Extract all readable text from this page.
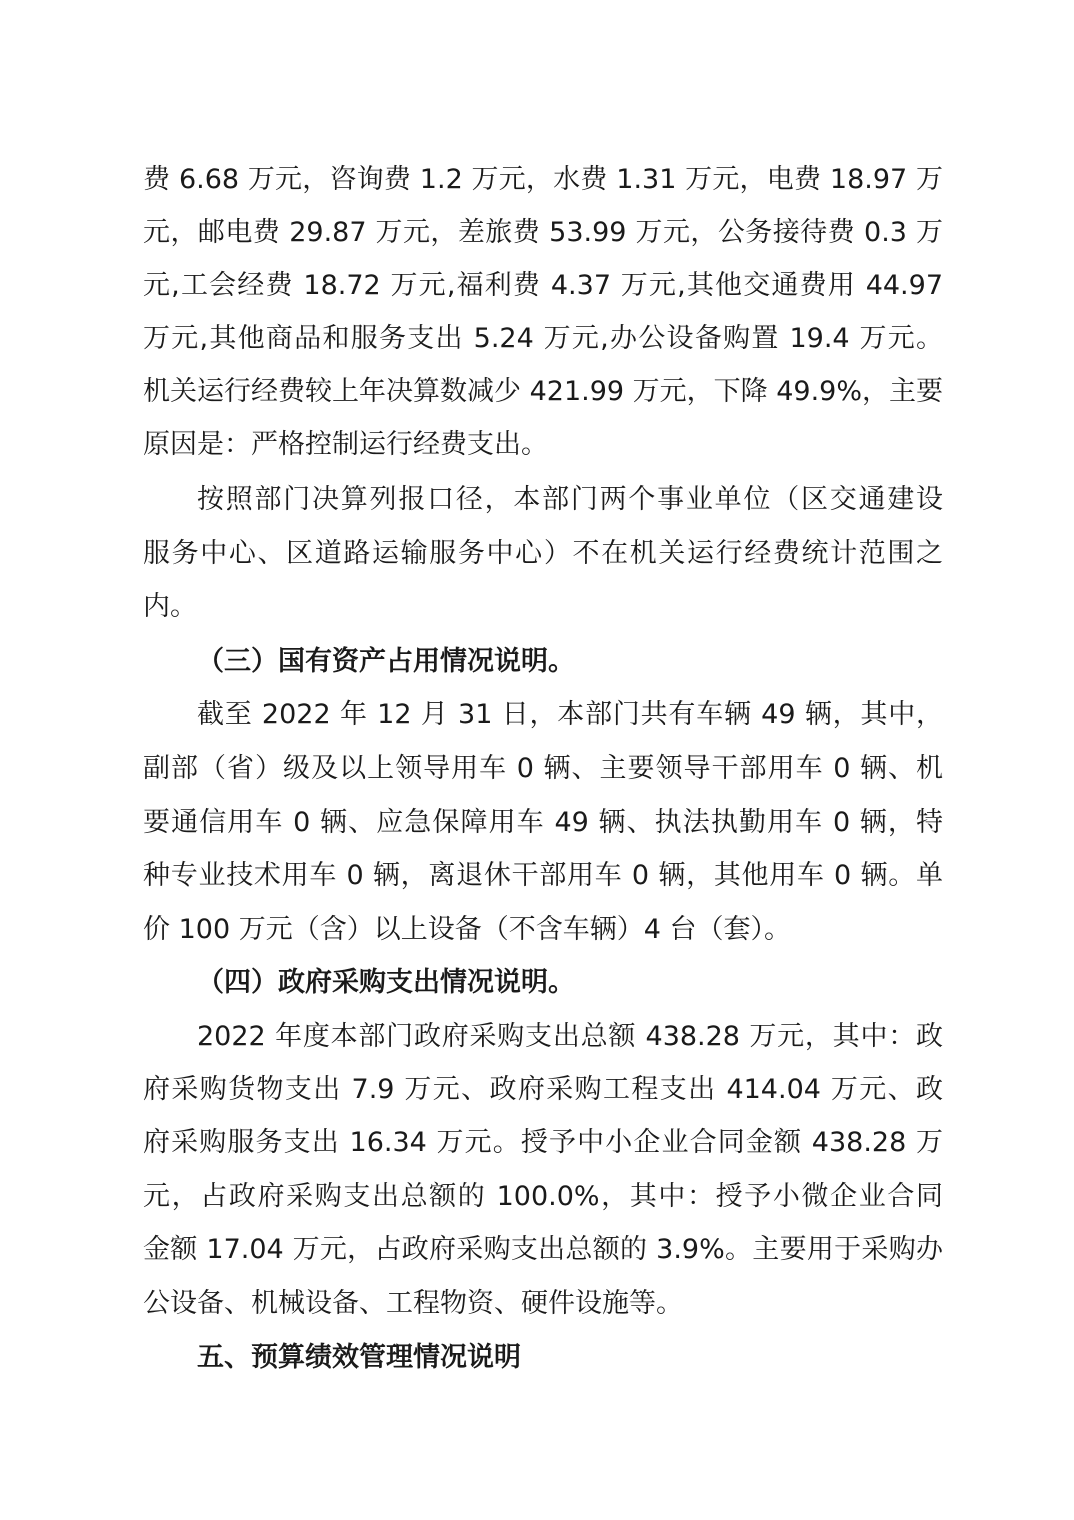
费 6.68 万元，咨询费 1.2 万元，水费 1.31 万元，电费 18.97 万
元，邮电费 29.87 万元，差旅费 53.99 万元，公务接待费 0.3 万
元,工会经费 18.72 万元,福利费 4.37 万元,其他交通费用 44.97
万元,其他商品和服务支出 5.24 万元,办公设备购置 19.4 万元。
机关运行经费较上年决算数减少 421.99 万元，下降 49.9%，主要
原因是：严格控制运行经费支出。
按照部门决算列报口径，本部门两个事业单位（区交通建设
服务中心、区道路运输服务中心）不在机关运行经费统计范围之
内。
（三）国有资产占用情况说明。
截至 2022 年 12 月 31 日，本部门共有车辆 49 辆，其中，
副部（省）级及以上领导用车 0 辆、主要领导干部用车 0 辆、机
要通信用车 0 辆、应急保障用车 49 辆、执法执勤用车 0 辆，特
种专业技术用车 0 辆，离退休干部用车 0 辆，其他用车 0 辆。单
价 100 万元（含）以上设备（不含车辆）4 台（套）。
（四）政府采购支出情况说明。
2022 年度本部门政府采购支出总额 438.28 万元，其中：政
府采购货物支出 7.9 万元、政府采购工程支出 414.04 万元、政
府采购服务支出 16.34 万元。授予中小企业合同金额 438.28 万
元，占政府采购支出总额的 100.0%，其中：授予小微企业合同
金额 17.04 万元，占政府采购支出总额的 3.9%。主要用于采购办
公设备、机械设备、工程物资、硬件设施等。
五、预算绩效管理情况说明
